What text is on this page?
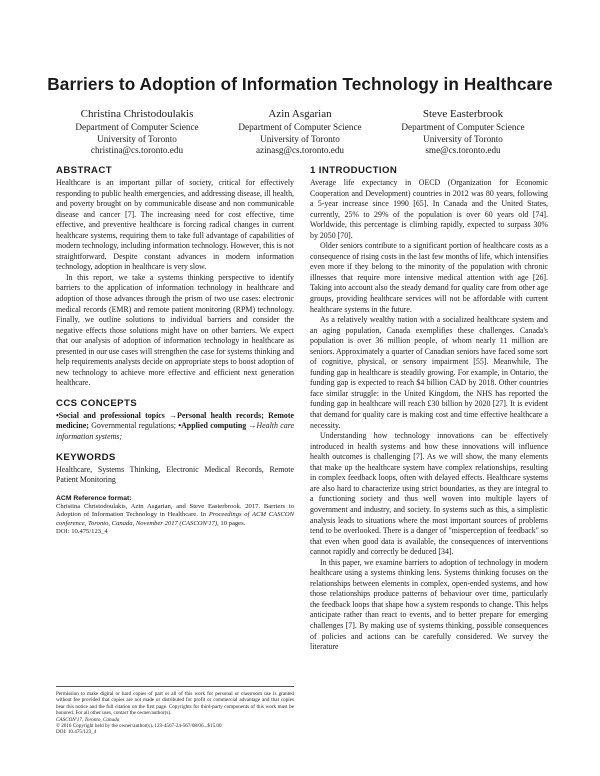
Barriers to Adoption of Information Technology in Healthcare
Christina Christodoulakis
Department of Computer Science
University of Toronto
christina@cs.toronto.edu
Azin Asgarian
Department of Computer Science
University of Toronto
azinasg@cs.toronto.edu
Steve Easterbrook
Department of Computer Science
University of Toronto
sme@cs.toronto.edu
ABSTRACT

Healthcare is an important pillar of society, critical for effectively responding to public health emergencies, and addressing disease, ill health, and poverty brought on by communicable disease and non communicable disease and cancer [7]. The increasing need for cost effective, time effective, and preventive healthcare is forcing radical changes in current healthcare systems, requiring them to take full advantage of capabilities of modern technology, including information technology. However, this is not straightforward. Despite constant advances in modern information technology, adoption in healthcare is very slow.

In this report, we take a systems thinking perspective to identify barriers to the application of information technology in healthcare and adoption of those advances through the prism of two use cases: electronic medical records (EMR) and remote patient monitoring (RPM) technology. Finally, we outline solutions to individual barriers and consider the negative effects those solutions might have on other barriers. We expect that our analysis of adoption of information technology in healthcare as presented in our use cases will strengthen the case for systems thinking and help requirements analysts decide on appropriate steps to boost adoption of new technology to achieve more effective and efficient next generation healthcare.

CCS CONCEPTS

•Social and professional topics →Personal health records; Remote medicine; Governmental regulations; •Applied computing →Health care information systems;

KEYWORDS

Healthcare, Systems Thinking, Electronic Medical Records, Remote Patient Monitoring

ACM Reference format:

Christina Christodoulakis, Azin Asgarian, and Steve Easterbrook. 2017. Barriers to Adoption of Information Technology in Healthcare. In Proceedings of ACM CASCON conference, Toronto, Canada, November 2017 (CASCON'17), 10 pages.

DOI: 10.475/123_4

Permission to make digital or hard copies of part or all of this work for personal or classroom use is granted without fee provided that copies are not made or distributed for profit or commercial advantage and that copies bear this notice and the full citation on the first page. Copyrights for third-party components of this work must be honored. For all other uses, contact the owner/author(s).

CASCON'17, Toronto, Canada
© 2016 Copyright held by the owner/author(s). 123-4567-24-567/08/06...$15.00
DOI: 10.475/123_4
1 INTRODUCTION

Average life expectancy in OECD (Organization for Economic Cooperation and Development) countries in 2012 was 80 years, following a 5-year increase since 1990 [65]. In Canada and the United States, currently, 25% to 29% of the population is over 60 years old [74]. Worldwide, this percentage is climbing rapidly, expected to surpass 30% by 2050 [70].

Older seniors contribute to a significant portion of healthcare costs as a consequence of rising costs in the last few months of life, which intensifies even more if they belong to the minority of the population with chronic illnesses that require more intensive medical attention with age [26]. Taking into account also the steady demand for quality care from other age groups, providing healthcare services will not be affordable with current healthcare systems in the future.

As a relatively wealthy nation with a socialized healthcare system and an aging population, Canada exemplifies these challenges. Canada's population is over 36 million people, of whom nearly 11 million are seniors. Approximately a quarter of Canadian seniors have faced some sort of cognitive, physical, or sensory impairment [55]. Meanwhile, The funding gap in healthcare is steadily growing. For example, in Ontario, the funding gap is expected to reach $4 billion CAD by 2018. Other countries face similar struggle: in the United Kingdom, the NHS has reported the funding gap in healthcare will reach £30 billion by 2020 [27]. It is evident that demand for quality care is making cost and time effective healthcare a necessity.

Understanding how technology innovations can be effectively introduced in health systems and how these innovations will influence health outcomes is challenging [7]. As we will show, the many elements that make up the healthcare system have complex relationships, resulting in complex feedback loops, often with delayed effects. Healthcare systems are also hard to characterize using strict boundaries, as they are integral to a functioning society and thus well woven into multiple layers of government and industry, and society. In systems such as this, a simplistic analysis leads to situations where the most important sources of problems tend to be overlooked. There is a danger of "misperception of feedback" so that even when good data is available, the consequences of interventions cannot rapidly and correctly be deduced [34].

In this paper, we examine barriers to adoption of technology in modern healthcare using a systems thinking lens. Systems thinking focuses on the relationships between elements in complex, open-ended systems, and how those relationships produce patterns of behaviour over time, particularly the feedback loops that shape how a system responds to change. This helps anticipate rather than react to events, and to better prepare for emerging challenges [7]. By making use of systems thinking, possible consequences of policies and actions can be carefully considered. We survey the literature
